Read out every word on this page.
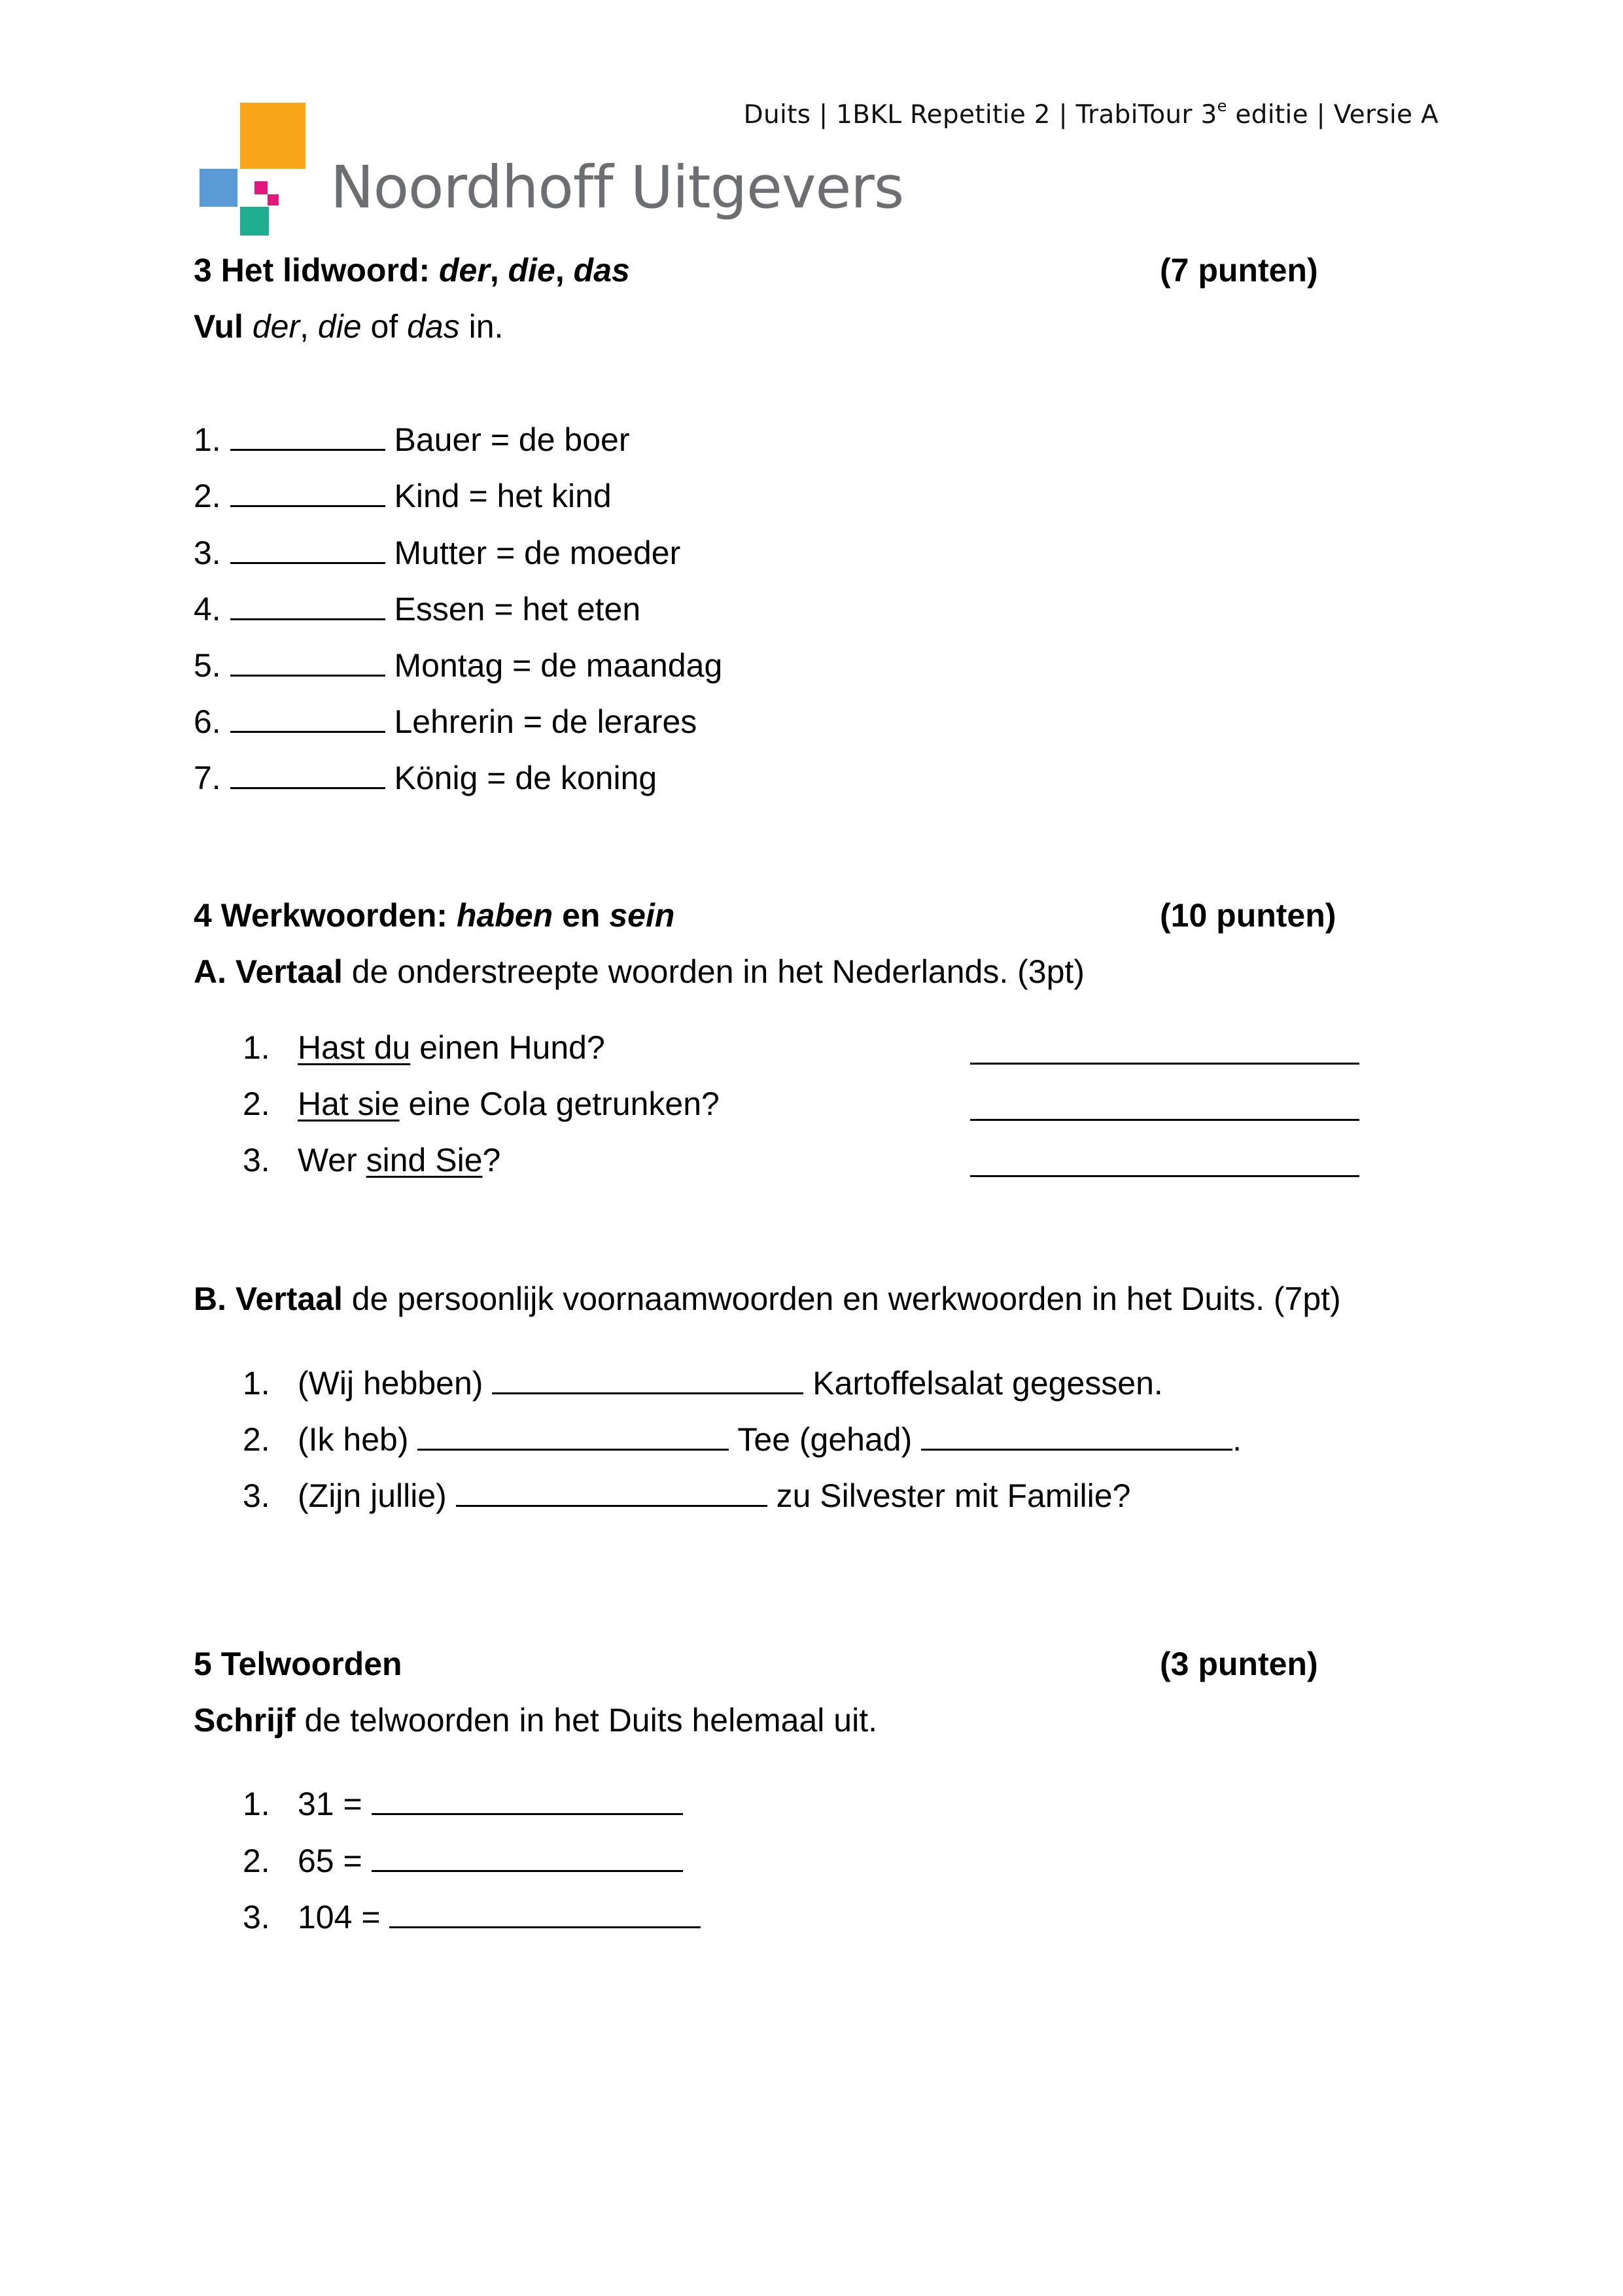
Duits | 1BKL Repetitie 2 | TrabiTour 3e editie | Versie A
Noordhoff Uitgevers
3 Het lidwoord: der, die, das	(7 punten)
Vul der, die of das in.
1.	Bauer = de boer
2.	Kind = het kind
3.	Mutter = de moeder
4.	Essen = het eten
5.	Montag = de maandag
6.	Lehrerin = de lerares
7.	König = de koning
4 Werkwoorden: haben en sein	(10 punten)
A. Vertaal de onderstreepte woorden in het Nederlands. (3pt)
1. Hast du einen Hund?
2. Hat sie eine Cola getrunken?
3. Wer sind Sie?
B. Vertaal de persoonlijk voornaamwoorden en werkwoorden in het Duits. (7pt)
1. (Wij hebben)	Kartoffelsalat gegessen.
2. (Ik heb)	Tee (gehad)	.
3. (Zijn jullie)	zu Silvester mit Familie?
5 Telwoorden	(3 punten)
Schrijf de telwoorden in het Duits helemaal uit.
1. 31 =
2. 65 =
3. 104 =
